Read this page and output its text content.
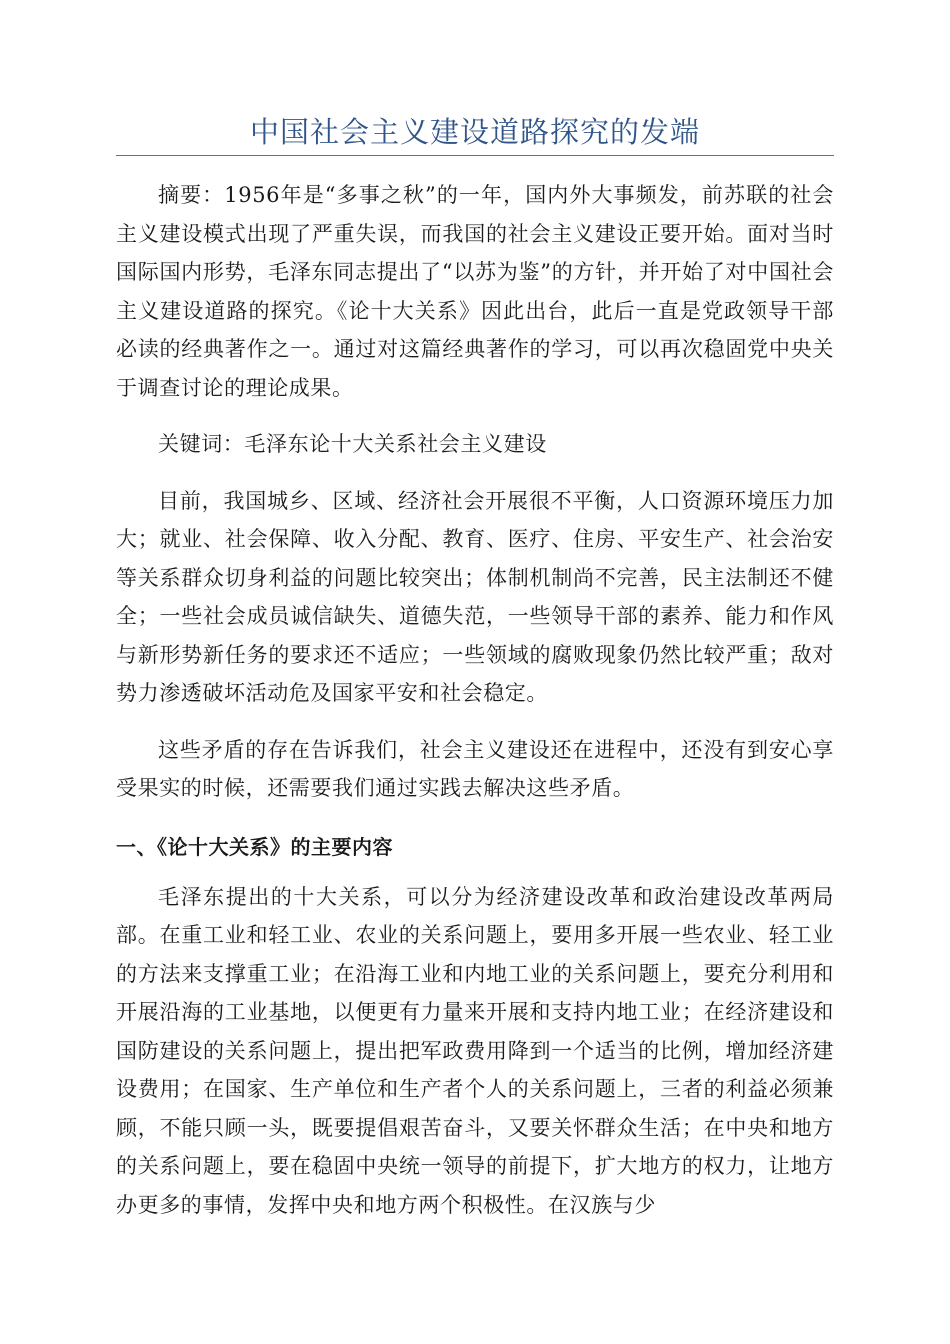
中国社会主义建设道路探究的发端

摘要：1956年是“多事之秋”的一年，国内外大事频发，前苏联的社会主义建设模式出现了严重失误，而我国的社会主义建设正要开始。面对当时国际国内形势，毛泽东同志提出了“以苏为鉴”的方针，并开始了对中国社会主义建设道路的探究。《论十大关系》因此出台，此后一直是党政领导干部必读的经典著作之一。通过对这篇经典著作的学习，可以再次稳固党中央关于调查讨论的理论成果。

关键词：毛泽东论十大关系社会主义建设

目前，我国城乡、区域、经济社会开展很不平衡，人口资源环境压力加大；就业、社会保障、收入分配、教育、医疗、住房、平安生产、社会治安等关系群众切身利益的问题比较突出；体制机制尚不完善，民主法制还不健全；一些社会成员诚信缺失、道德失范，一些领导干部的素养、能力和作风与新形势新任务的要求还不适应；一些领域的腐败现象仍然比较严重；敌对势力渗透破坏活动危及国家平安和社会稳定。

这些矛盾的存在告诉我们，社会主义建设还在进程中，还没有到安心享受果实的时候，还需要我们通过实践去解决这些矛盾。

一、《论十大关系》的主要内容

毛泽东提出的十大关系，可以分为经济建设改革和政治建设改革两局部。在重工业和轻工业、农业的关系问题上，要用多开展一些农业、轻工业的方法来支撑重工业；在沿海工业和内地工业的关系问题上，要充分利用和开展沿海的工业基地，以便更有力量来开展和支持内地工业；在经济建设和国防建设的关系问题上，提出把军政费用降到一个适当的比例，增加经济建设费用；在国家、生产单位和生产者个人的关系问题上，三者的利益必须兼顾，不能只顾一头，既要提倡艰苦奋斗，又要关怀群众生活；在中央和地方的关系问题上，要在稳固中央统一领导的前提下，扩大地方的权力，让地方办更多的事情，发挥中央和地方两个积极性。在汉族与少
